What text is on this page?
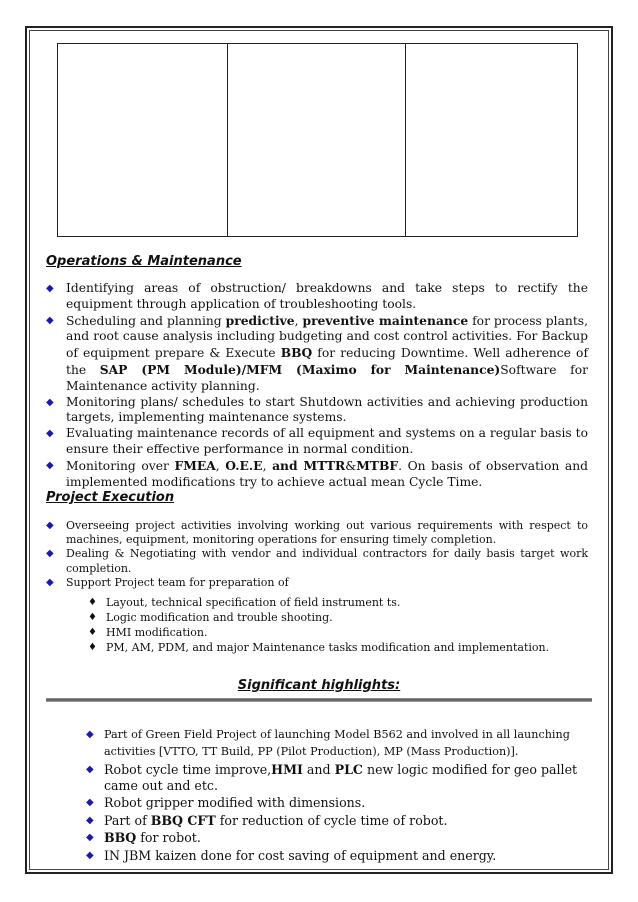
Operations & Maintenance
◆ Identifying areas of obstruction/ breakdowns and take steps to rectify the equipment through application of troubleshooting tools.
◆ Scheduling and planning predictive, preventive maintenance for process plants, and root cause analysis including budgeting and cost control activities. For Backup of equipment prepare & Execute BBQ for reducing Downtime. Well adherence of the SAP (PM Module)/MFM (Maximo for Maintenance)Software for Maintenance activity planning.
◆ Monitoring plans/ schedules to start Shutdown activities and achieving production targets, implementing maintenance systems.
◆ Evaluating maintenance records of all equipment and systems on a regular basis to ensure their effective performance in normal condition.
◆ Monitoring over FMEA, O.E.E, and MTTR&MTBF. On basis of observation and implemented modifications try to achieve actual mean Cycle Time.
Project Execution
◆ Overseeing project activities involving working out various requirements with respect to machines, equipment, monitoring operations for ensuring timely completion.
◆ Dealing & Negotiating with vendor and individual contractors for daily basis target work completion.
◆ Support Project team for preparation of
♦ Layout, technical specification of field instrument ts.
♦ Logic modification and trouble shooting.
♦ HMI modification.
♦ PM, AM, PDM, and major Maintenance tasks modification and implementation.
Significant highlights:
◆ Part of Green Field Project of launching Model B562 and involved in all launching activities [VTTO, TT Build, PP (Pilot Production), MP (Mass Production)].
◆ Robot cycle time improve,HMI and PLC new logic modified for geo pallet came out and etc.
◆ Robot gripper modified with dimensions.
◆ Part of BBQ CFT for reduction of cycle time of robot.
◆ BBQ for robot.
◆ IN JBM kaizen done for cost saving of equipment and energy.
